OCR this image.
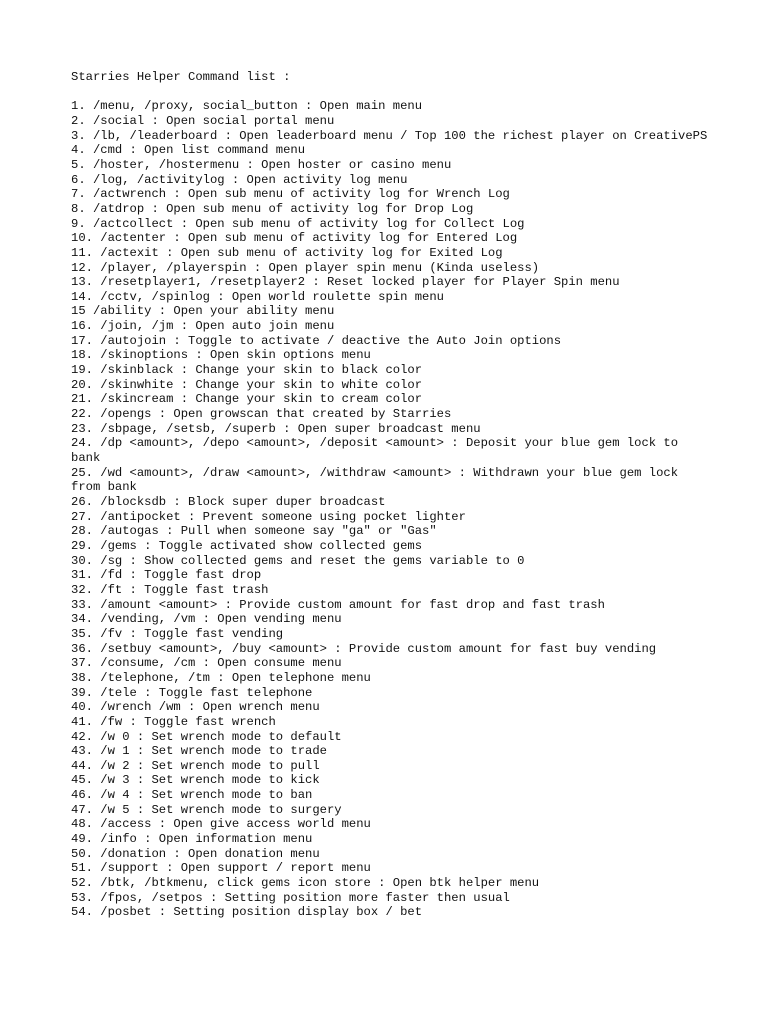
Starries Helper Command list :

1. /menu, /proxy, social_button : Open main menu
2. /social : Open social portal menu
3. /lb, /leaderboard : Open leaderboard menu / Top 100 the richest player on CreativePS
4. /cmd : Open list command menu
5. /hoster, /hostermenu : Open hoster or casino menu
6. /log, /activitylog : Open activity log menu
7. /actwrench : Open sub menu of activity log for Wrench Log
8. /atdrop : Open sub menu of activity log for Drop Log
9. /actcollect : Open sub menu of activity log for Collect Log
10. /actenter : Open sub menu of activity log for Entered Log
11. /actexit : Open sub menu of activity log for Exited Log
12. /player, /playerspin : Open player spin menu (Kinda useless)
13. /resetplayer1, /resetplayer2 : Reset locked player for Player Spin menu
14. /cctv, /spinlog : Open world roulette spin menu
15 /ability : Open your ability menu
16. /join, /jm : Open auto join menu
17. /autojoin : Toggle to activate / deactive the Auto Join options
18. /skinoptions : Open skin options menu
19. /skinblack : Change your skin to black color
20. /skinwhite : Change your skin to white color
21. /skincream : Change your skin to cream color
22. /opengs : Open growscan that created by Starries
23. /sbpage, /setsb, /superb : Open super broadcast menu
24. /dp <amount>, /depo <amount>, /deposit <amount> : Deposit your blue gem lock to bank
25. /wd <amount>, /draw <amount>, /withdraw <amount> : Withdrawn your blue gem lock from bank
26. /blocksdb : Block super duper broadcast
27. /antipocket : Prevent someone using pocket lighter
28. /autogas : Pull when someone say "ga" or "Gas"
29. /gems : Toggle activated show collected gems
30. /sg : Show collected gems and reset the gems variable to 0
31. /fd : Toggle fast drop
32. /ft : Toggle fast trash
33. /amount <amount> : Provide custom amount for fast drop and fast trash
34. /vending, /vm : Open vending menu
35. /fv : Toggle fast vending
36. /setbuy <amount>, /buy <amount> : Provide custom amount for fast buy vending
37. /consume, /cm : Open consume menu
38. /telephone, /tm : Open telephone menu
39. /tele : Toggle fast telephone
40. /wrench /wm : Open wrench menu
41. /fw : Toggle fast wrench
42. /w 0 : Set wrench mode to default
43. /w 1 : Set wrench mode to trade
44. /w 2 : Set wrench mode to pull
45. /w 3 : Set wrench mode to kick
46. /w 4 : Set wrench mode to ban
47. /w 5 : Set wrench mode to surgery
48. /access : Open give access world menu
49. /info : Open information menu
50. /donation : Open donation menu
51. /support : Open support / report menu
52. /btk, /btkmenu, click gems icon store : Open btk helper menu
53. /fpos, /setpos : Setting position more faster then usual
54. /posbet : Setting position display box / bet
